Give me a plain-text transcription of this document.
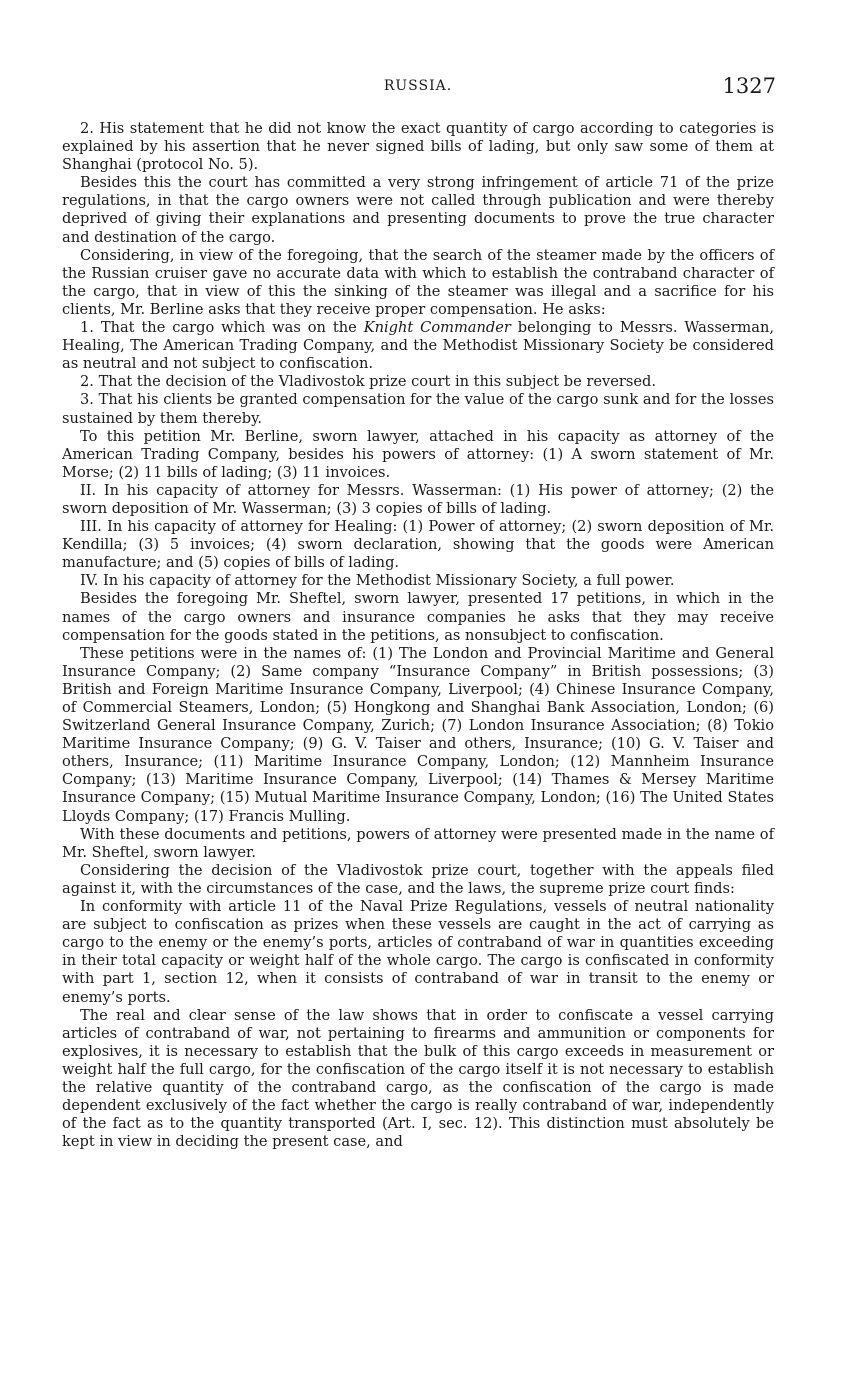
RUSSIA.	1327

2. His statement that he did not know the exact quantity of cargo according to categories is explained by his assertion that he never signed bills of lading, but only saw some of them at Shanghai (protocol No. 5).

Besides this the court has committed a very strong infringement of article 71 of the prize regulations, in that the cargo owners were not called through publication and were thereby deprived of giving their explanations and presenting documents to prove the true character and destination of the cargo.

Considering, in view of the foregoing, that the search of the steamer made by the officers of the Russian cruiser gave no accurate data with which to establish the contraband character of the cargo, that in view of this the sinking of the steamer was illegal and a sacrifice for his clients, Mr. Berline asks that they receive proper compensation. He asks:

1. That the cargo which was on the Knight Commander belonging to Messrs. Wasserman, Healing, The American Trading Company, and the Methodist Missionary Society be considered as neutral and not subject to confiscation.

2. That the decision of the Vladivostok prize court in this subject be reversed.

3. That his clients be granted compensation for the value of the cargo sunk and for the losses sustained by them thereby.

To this petition Mr. Berline, sworn lawyer, attached in his capacity as attorney of the American Trading Company, besides his powers of attorney: (1) A sworn statement of Mr. Morse; (2) 11 bills of lading; (3) 11 invoices.

II. In his capacity of attorney for Messrs. Wasserman: (1) His power of attorney; (2) the sworn deposition of Mr. Wasserman; (3) 3 copies of bills of lading.

III. In his capacity of attorney for Healing: (1) Power of attorney; (2) sworn deposition of Mr. Kendilla; (3) 5 invoices; (4) sworn declaration, showing that the goods were American manufacture; and (5) copies of bills of lading.

IV. In his capacity of attorney for the Methodist Missionary Society, a full power.

Besides the foregoing Mr. Sheftel, sworn lawyer, presented 17 petitions, in which in the names of the cargo owners and insurance companies he asks that they may receive compensation for the goods stated in the petitions, as nonsubject to confiscation.

These petitions were in the names of: (1) The London and Provincial Maritime and General Insurance Company; (2) Same company “Insurance Company” in British possessions; (3) British and Foreign Maritime Insurance Company, Liverpool; (4) Chinese Insurance Company, of Commercial Steamers, London; (5) Hongkong and Shanghai Bank Association, London; (6) Switzerland General Insurance Company, Zurich; (7) London Insurance Association; (8) Tokio Maritime Insurance Company; (9) G. V. Taiser and others, Insurance; (10) G. V. Taiser and others, Insurance; (11) Maritime Insurance Company, London; (12) Mannheim Insurance Company; (13) Maritime Insurance Company, Liverpool; (14) Thames & Mersey Maritime Insurance Company; (15) Mutual Maritime Insurance Company, London; (16) The United States Lloyds Company; (17) Francis Mulling.

With these documents and petitions, powers of attorney were presented made in the name of Mr. Sheftel, sworn lawyer.

Considering the decision of the Vladivostok prize court, together with the appeals filed against it, with the circumstances of the case, and the laws, the supreme prize court finds:

In conformity with article 11 of the Naval Prize Regulations, vessels of neutral nationality are subject to confiscation as prizes when these vessels are caught in the act of carrying as cargo to the enemy or the enemy’s ports, articles of contraband of war in quantities exceeding in their total capacity or weight half of the whole cargo. The cargo is confiscated in conformity with part 1, section 12, when it consists of contraband of war in transit to the enemy or enemy’s ports.

The real and clear sense of the law shows that in order to confiscate a vessel carrying articles of contraband of war, not pertaining to firearms and ammunition or components for explosives, it is necessary to establish that the bulk of this cargo exceeds in measurement or weight half the full cargo, for the confiscation of the cargo itself it is not necessary to establish the relative quantity of the contraband cargo, as the confiscation of the cargo is made dependent exclusively of the fact whether the cargo is really contraband of war, independently of the fact as to the quantity transported (Art. I, sec. 12). This distinction must absolutely be kept in view in deciding the present case, and
